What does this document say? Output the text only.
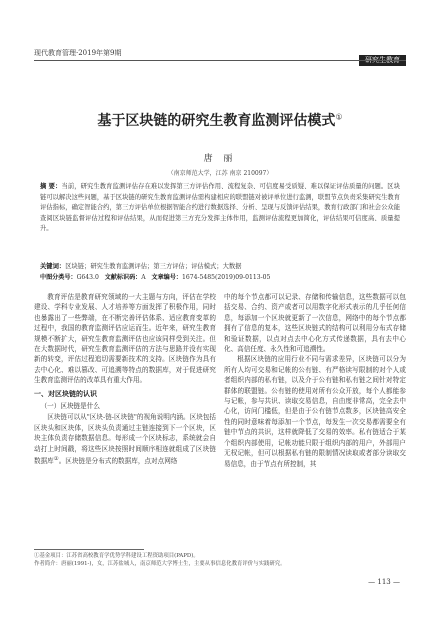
现代教育管理·2019年第9期
研究生教育
基于区块链的研究生教育监测评估模式①
唐 丽
（南京师范大学，江苏 南京 210097）
摘 要：当前，研究生教育监测评估存在难以发挥第三方评估作用、流程复杂、可信度易受质疑、难以保证评估质量的问题。区块链可以解决这些问题，基于区块链的研究生教育监测评估需构建相应的联盟链对被评单位进行监测，联盟节点负责采集研究生教育评估指标，确定智能合约，第三方评估单位根据智能合约进行数据选择、分析、呈现与反馈评估结果，教育行政部门和社会公众能查阅区块链监督评估过程和评估结果，从而促进第三方充分发挥主体作用，监测评估流程更加简化，评估结果可信度高、质量提升。
关键词：区块链；研究生教育监测评估；第三方评估；评估模式；大数据
中图分类号：G643.0 文献标识码：A 文章编号：1674-5485(2019)09-0113-05

教育评估是教育研究领域的一大主题与方向，评估在学校建设、学科专业发展、人才培养等方面发挥了积极作用，同时也暴露出了一些弊端，在不断完善评估体系、适应教育变革的过程中，我国的教育监测评估应运而生。近年来，研究生教育规模不断扩大，研究生教育监测评估也应该同样受到关注。但在大数据时代，研究生教育监测评估的方法与思路并没有实现新的转变，评估过程追切需要新技术的支持。区块链作为具有去中心化、难以篡改、可追溯等特点的数据库，对于促进研究生教育监测评估的改革具有重大作用。

一、对区块链的认识
（一）区块链是什么

区块链可以从"区块-链-区块链"的视角说明内涵。区块包括区块头和区块体，区块头负责通过主链连接到下一个区块，区块主体负责存储数据信息。每形成一个区块标志，系统就会自动打上时间戳，将这些区块按照时间顺序相连就组成了区块链数据库①。区块链是分布式的数据库，点对点网络

中的每个节点都可以记录、存储和传输信息，这些数据可以包括交易、合约、资产或者可以用数字化形式表示的几乎任何信息，每添加一个区块就更新了一次信息，网络中的每个节点都拥有了信息的复本，这些区块链式的结构可以利用分布式存储和验证数据，以点对点去中心化方式传递数据，具有去中心化、高信任度、永久性和可追溯性。

根据区块链的应用行业不同与需求差异，区块链可以分为所有人均可交易和记帐的公有链、有严格读写限制的对个人或者组织内部的私有链，以及介于公有链和私有链之间针对特定群体的联盟链。公有链的使用对所有公众开放，每个人都能参与记帐，参与共识、读取交易信息，自由度非常高，完全去中心化，访问门槛低，但是由于公有链节点数多，区块链高安全性的同时意味着每添加一个节点，每发生一次交易都需要全有链中节点的共识，这样就降低了交易的效率。私有链适合于某个组织内部使用，记帐功能只限于组织内部的用户，外部用户无权记帐，但可以根据私有链的限制情况读取或者部分读取交易信息，由于节点有所控制，其

①基金项目：江苏省高校教育学优势学科建设工程资助项目(PAPD)。
作者简介：唐丽(1991-)，女，江苏盐城人，南京师范大学博士生，主要从事信息化教育评价与实践研究。
— 113 —
